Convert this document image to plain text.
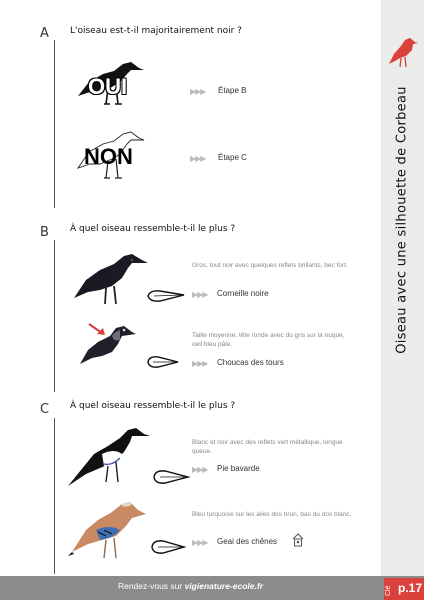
Oiseau avec une silhouette de Corbeau
A L'oiseau est-t-il majoritairement noir ?
OUI	▶▶▶ Étape B
NON	▶▶▶ Étape C
B À quel oiseau ressemble-t-il le plus ?
Gros, tout noir avec quelques reflets brillants, bec fort.
▶▶▶ Corneille noire
Taille moyenne, tête ronde avec du gris sur la nuque, oeil bleu pâle.
▶▶▶ Choucas des tours
C À quel oiseau ressemble-t-il le plus ?
Blanc et noir avec des reflets vert métallique, longue queue.
▶▶▶ Pie bavarde
Bleu turquoise sur les ailes dos brun, bas du dos blanc.
▶▶▶ Geai des chênes
Rendez-vous sur vigienature-ecole.fr	Clé p.17
